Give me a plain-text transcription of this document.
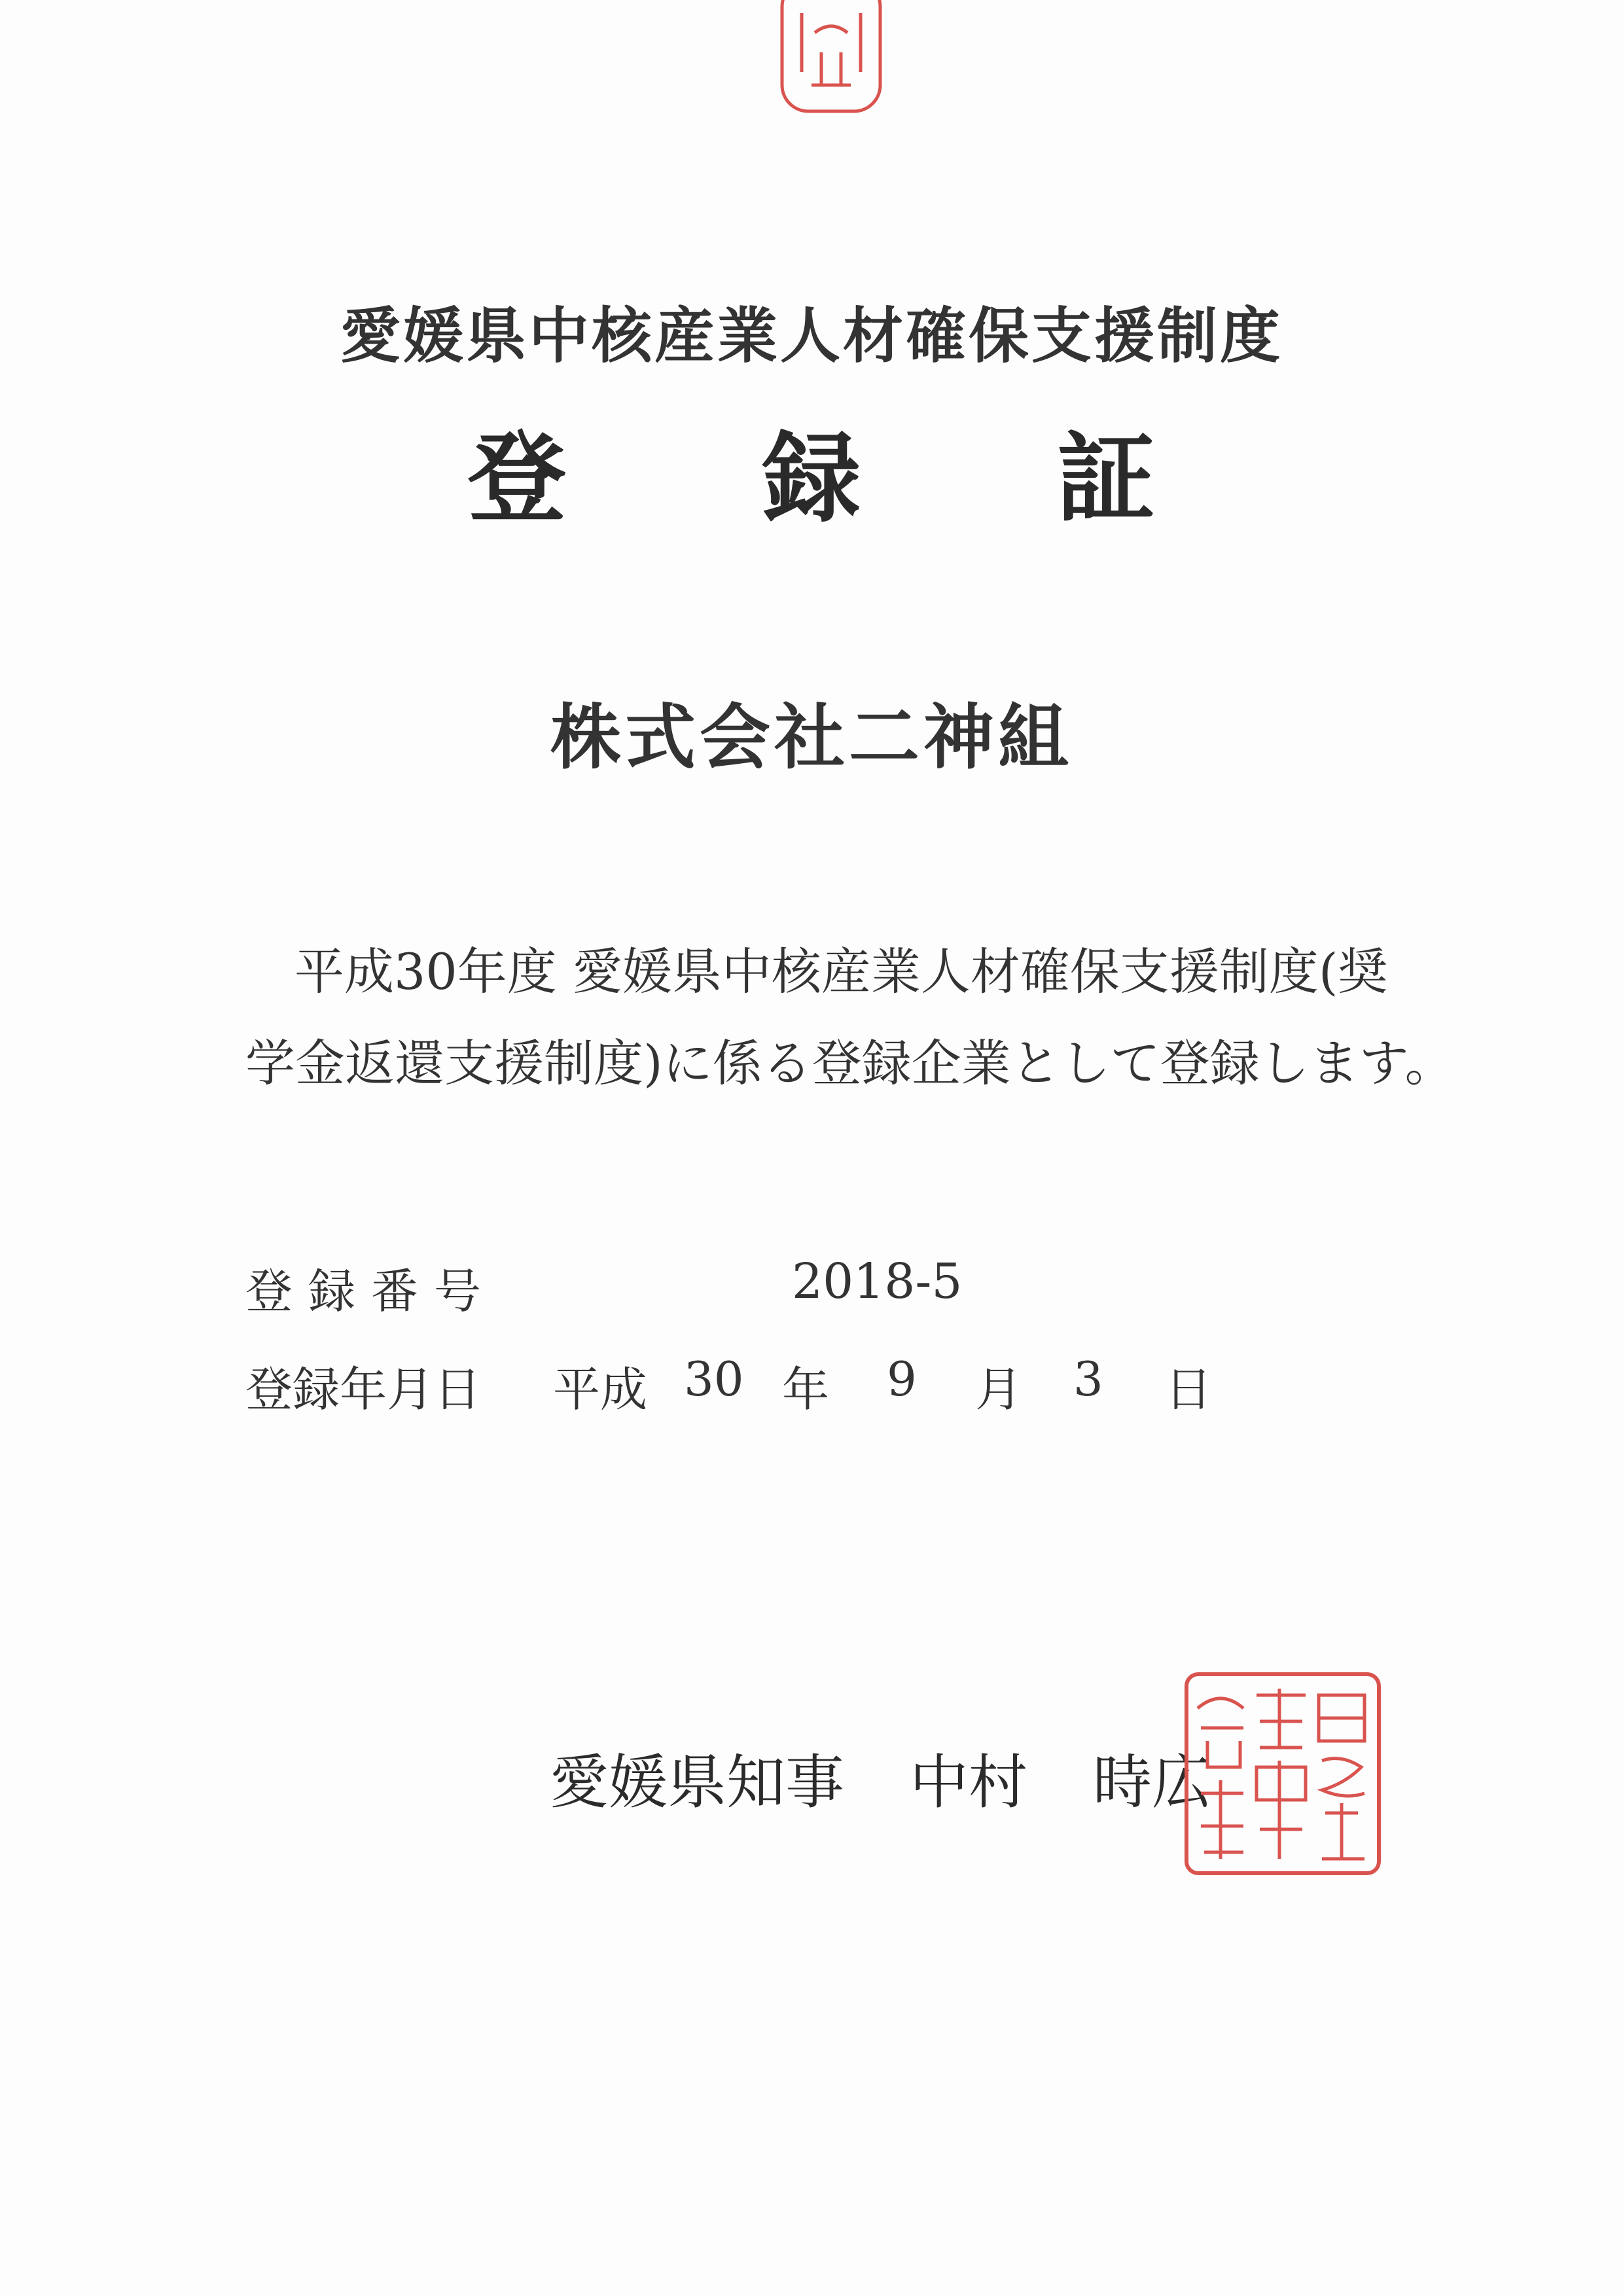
愛媛県中核産業人材確保支援制度
登 録 証
株式会社二神組
平成30年度 愛媛県中核産業人材確保支援制度(奨
学金返還支援制度)に係る登録企業として登録します。
登録番号	2018-5
登録年月日 平成 30 年 9 月 3 日
愛媛県知事 中村 時広
